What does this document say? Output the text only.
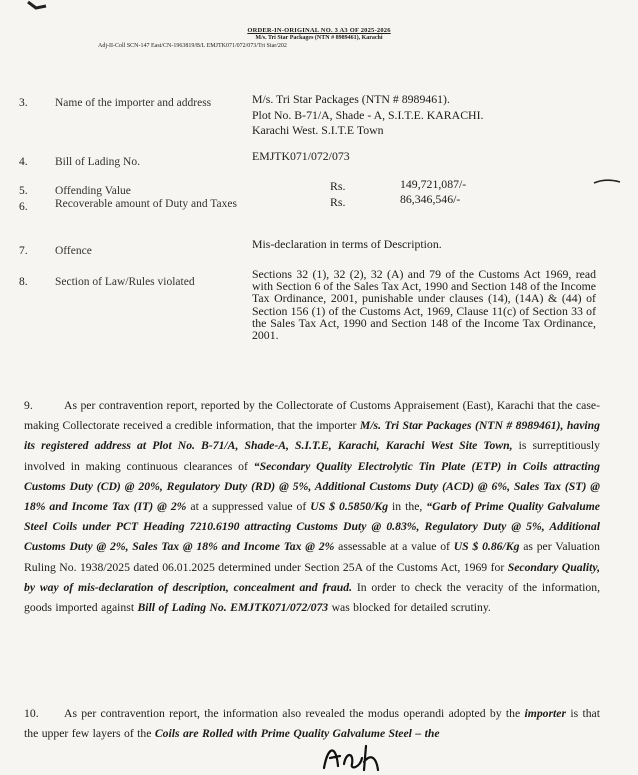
ORDER-IN-ORIGINAL NO. 3 A3 OF 2025-2026
M/s. Tri Star Packages (NTN # 8989461), Karachi
Adj-II-Coll SCN-147 East/CN-1963819/B/L EMJTK071/072/073/Tri Star/202
3. Name of the importer and address	M/s. Tri Star Packages (NTN # 8989461).
Plot No. B-71/A, Shade - A, S.I.T.E. KARACHI.
Karachi West. S.I.T.E Town
4. Bill of Lading No.	EMJTK071/072/073
5. Offending Value	Rs.	149,721,087/-
6. Recoverable amount of Duty and Taxes	Rs.	86,346,546/-
7. Offence	Mis-declaration in terms of Description.
8. Section of Law/Rules violated
Sections 32 (1), 32 (2), 32 (A) and 79 of the Customs Act 1969, read with Section 6 of the Sales Tax Act, 1990 and Section 148 of the Income Tax Ordinance, 2001, punishable under clauses (14), (14A) & (44) of Section 156 (1) of the Customs Act, 1969, Clause 11(c) of Section 33 of the Sales Tax Act, 1990 and Section 148 of the Income Tax Ordinance, 2001.
9.	As per contravention report, reported by the Collectorate of Customs Appraisement (East), Karachi that the case-making Collectorate received a credible information, that the importer M/s. Tri Star Packages (NTN # 8989461), having its registered address at Plot No. B-71/A, Shade-A, S.I.T.E, Karachi, Karachi West Site Town, is surreptitiously involved in making continuous clearances of “Secondary Quality Electrolytic Tin Plate (ETP) in Coils attracting Customs Duty (CD) @ 20%, Regulatory Duty (RD) @ 5%, Additional Customs Duty (ACD) @ 6%, Sales Tax (ST) @ 18% and Income Tax (IT) @ 2% at a suppressed value of US $ 0.5850/Kg in the, “Garb of Prime Quality Galvalume Steel Coils under PCT Heading 7210.6190 attracting Customs Duty @ 0.83%, Regulatory Duty @ 5%, Additional Customs Duty @ 2%, Sales Tax @ 18% and Income Tax @ 2% assessable at a value of US $ 0.86/Kg as per Valuation Ruling No. 1938/2025 dated 06.01.2025 determined under Section 25A of the Customs Act, 1969 for Secondary Quality, by way of mis-declaration of description, concealment and fraud. In order to check the veracity of the information, goods imported against Bill of Lading No. EMJTK071/072/073 was blocked for detailed scrutiny.
10. As per contravention report, the information also revealed the modus operandi adopted by the importer is that the upper few layers of the Coils are Rolled with Prime Quality Galvalume Steel – the
